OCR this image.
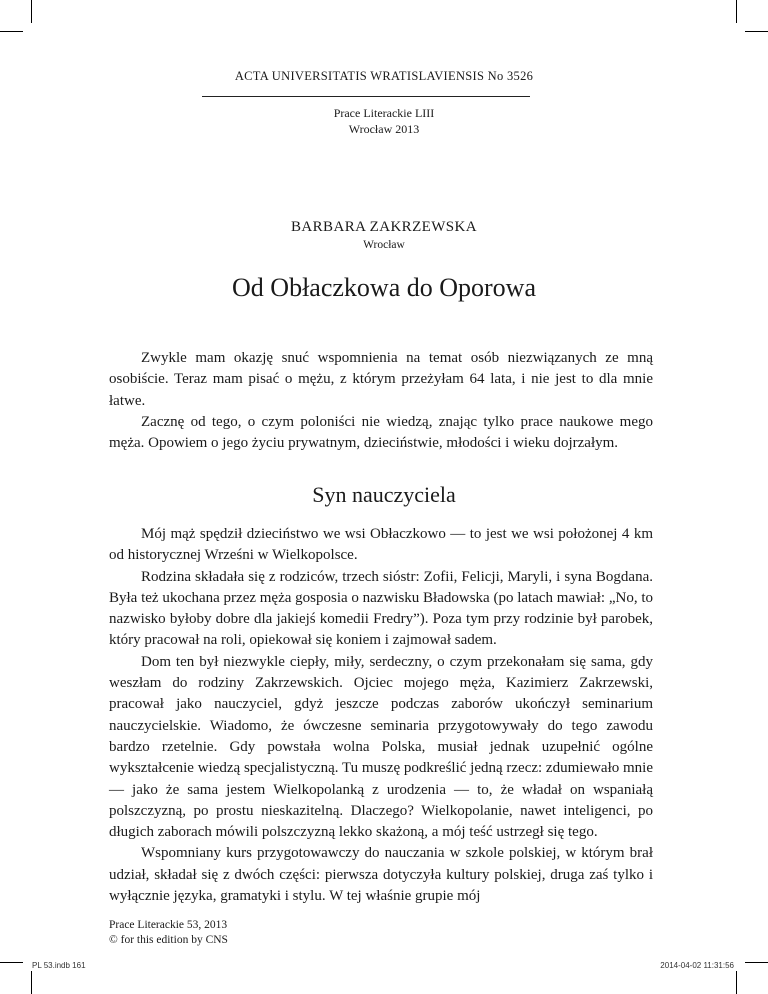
ACTA UNIVERSITATIS WRATISLAVIENSIS No 3526
Prace Literackie LIII
Wrocław 2013
BARBARA ZAKRZEWSKA
Wrocław
Od Obłaczkowa do Oporowa

Zwykle mam okazję snuć wspomnienia na temat osób niezwiązanych ze mną osobiście. Teraz mam pisać o mężu, z którym przeżyłam 64 lata, i nie jest to dla mnie łatwe.

Zacznę od tego, o czym poloniści nie wiedzą, znając tylko prace naukowe mego męża. Opowiem o jego życiu prywatnym, dzieciństwie, młodości i wieku dojrzałym.

Syn nauczyciela

Mój mąż spędził dzieciństwo we wsi Obłaczkowo — to jest we wsi położonej 4 km od historycznej Wrześni w Wielkopolsce.

Rodzina składała się z rodziców, trzech sióstr: Zofii, Felicji, Maryli, i syna Bogdana. Była też ukochana przez męża gosposia o nazwisku Bładowska (po latach mawiał: „No, to nazwisko byłoby dobre dla jakiejś komedii Fredry”). Poza tym przy rodzinie był parobek, który pracował na roli, opiekował się koniem i zajmował sadem.

Dom ten był niezwykle ciepły, miły, serdeczny, o czym przekonałam się sama, gdy weszłam do rodziny Zakrzewskich. Ojciec mojego męża, Kazimierz Zakrzewski, pracował jako nauczyciel, gdyż jeszcze podczas zaborów ukończył seminarium nauczycielskie. Wiadomo, że ówczesne seminaria przygotowywały do tego zawodu bardzo rzetelnie. Gdy powstała wolna Polska, musiał jednak uzupełnić ogólne wykształcenie wiedzą specjalistyczną. Tu muszę podkreślić jedną rzecz: zdumiewało mnie — jako że sama jestem Wielkopolanką z urodzenia — to, że władał on wspaniałą polszczyzną, po prostu nieskazitelną. Dlaczego? Wielkopolanie, nawet inteligenci, po długich zaborach mówili polszczyzną lekko skażoną, a mój teść ustrzegł się tego.

Wspomniany kurs przygotowawczy do nauczania w szkole polskiej, w którym brał udział, składał się z dwóch części: pierwsza dotyczyła kultury polskiej, druga zaś tylko i wyłącznie języka, gramatyki i stylu. W tej właśnie grupie mój

Prace Literackie 53, 2013
© for this edition by CNS
PL 53.indb 161	2014-04-02 11:31:56
